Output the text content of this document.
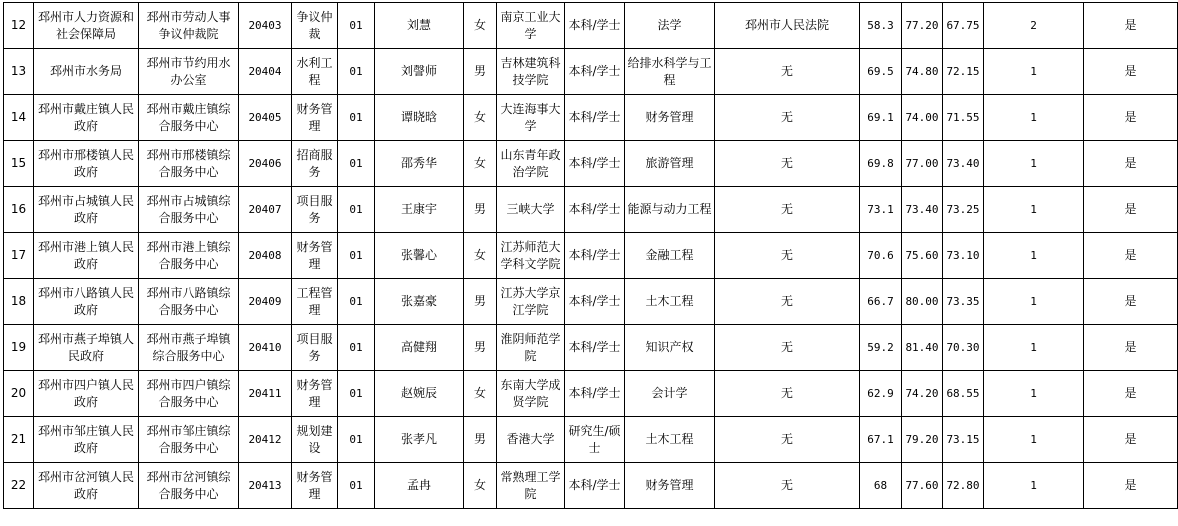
12	邳州市人力资源和社会保障局	邳州市劳动人事争议仲裁院	20403	争议仲裁	01	刘慧	女	南京工业大学	本科/学士	法学	邳州市人民法院	58.3	77.20	67.75	2	是
13	邳州市水务局	邳州市节约用水办公室	20404	水利工程	01	刘謦师	男	吉林建筑科技学院	本科/学士	给排水科学与工程	无	69.5	74.80	72.15	1	是
14	邳州市戴庄镇人民政府	邳州市戴庄镇综合服务中心	20405	财务管理	01	谭晓晗	女	大连海事大学	本科/学士	财务管理	无	69.1	74.00	71.55	1	是
15	邳州市邢楼镇人民政府	邳州市邢楼镇综合服务中心	20406	招商服务	01	邵秀华	女	山东青年政治学院	本科/学士	旅游管理	无	69.8	77.00	73.40	1	是
16	邳州市占城镇人民政府	邳州市占城镇综合服务中心	20407	项目服务	01	王康宇	男	三峡大学	本科/学士	能源与动力工程	无	73.1	73.40	73.25	1	是
17	邳州市港上镇人民政府	邳州市港上镇综合服务中心	20408	财务管理	01	张馨心	女	江苏师范大学科文学院	本科/学士	金融工程	无	70.6	75.60	73.10	1	是
18	邳州市八路镇人民政府	邳州市八路镇综合服务中心	20409	工程管理	01	张嘉豪	男	江苏大学京江学院	本科/学士	土木工程	无	66.7	80.00	73.35	1	是
19	邳州市燕子埠镇人民政府	邳州市燕子埠镇综合服务中心	20410	项目服务	01	高健翔	男	淮阴师范学院	本科/学士	知识产权	无	59.2	81.40	70.30	1	是
20	邳州市四户镇人民政府	邳州市四户镇综合服务中心	20411	财务管理	01	赵婉辰	女	东南大学成贤学院	本科/学士	会计学	无	62.9	74.20	68.55	1	是
21	邳州市邹庄镇人民政府	邳州市邹庄镇综合服务中心	20412	规划建设	01	张孝凡	男	香港大学	研究生/硕士	土木工程	无	67.1	79.20	73.15	1	是
22	邳州市岔河镇人民政府	邳州市岔河镇综合服务中心	20413	财务管理	01	孟冉	女	常熟理工学院	本科/学士	财务管理	无	68	77.60	72.80	1	是
